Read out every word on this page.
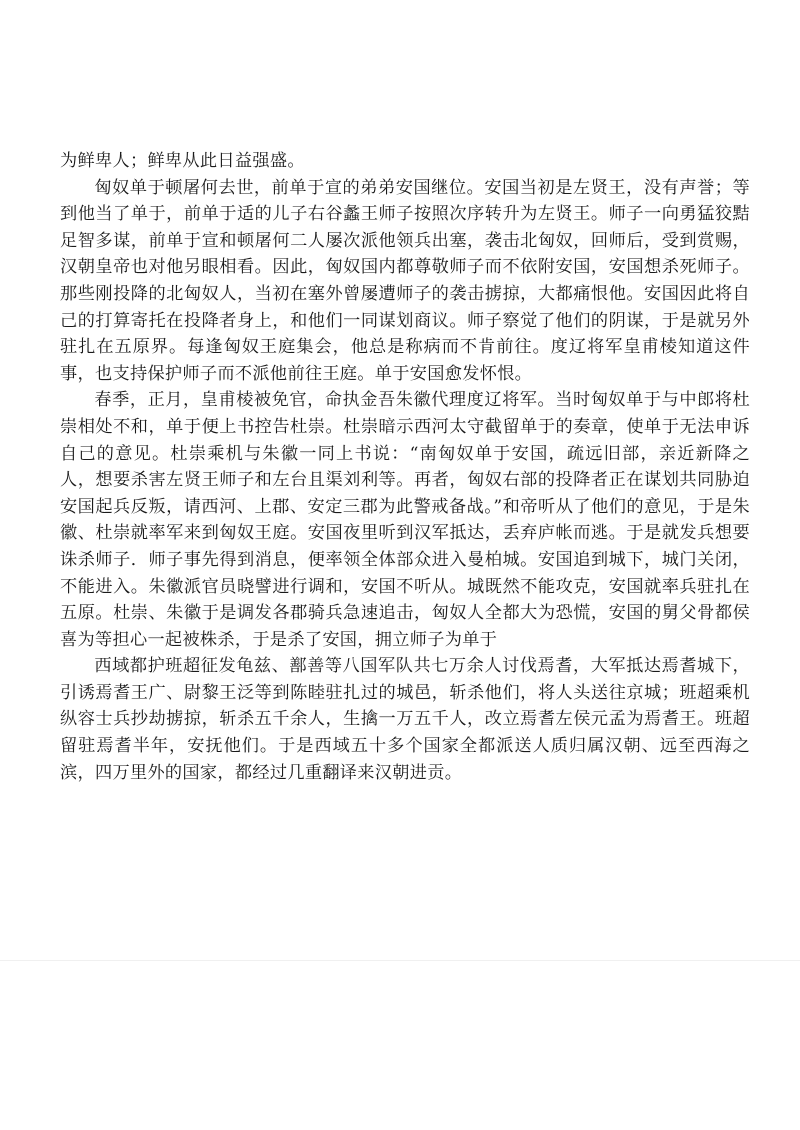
为鲜卑人；鲜卑从此日益强盛。

匈奴单于顿屠何去世，前单于宣的弟弟安国继位。安国当初是左贤王，没有声誉；等到他当了单于，前单于适的儿子右谷蠡王师子按照次序转升为左贤王。师子一向勇猛狡黠足智多谋，前单于宣和顿屠何二人屡次派他领兵出塞，袭击北匈奴，回师后，受到赏赐，汉朝皇帝也对他另眼相看。因此，匈奴国内都尊敬师子而不依附安国，安国想杀死师子。那些刚投降的北匈奴人，当初在塞外曾屡遭师子的袭击掳掠，大都痛恨他。安国因此将自己的打算寄托在投降者身上，和他们一同谋划商议。师子察觉了他们的阴谋，于是就另外驻扎在五原界。每逢匈奴王庭集会，他总是称病而不肯前往。度辽将军皇甫棱知道这件事，也支持保护师子而不派他前往王庭。单于安国愈发怀恨。

春季，正月，皇甫棱被免官，命执金吾朱徽代理度辽将军。当时匈奴单于与中郎将杜崇相处不和，单于便上书控告杜崇。杜崇暗示西河太守截留单于的奏章，使单于无法申诉自己的意见。杜崇乘机与朱徽一同上书说：“南匈奴单于安国，疏远旧部，亲近新降之人，想要杀害左贤王师子和左台且渠刘利等。再者，匈奴右部的投降者正在谋划共同胁迫安国起兵反叛，请西河、上郡、安定三郡为此警戒备战。”和帝听从了他们的意见，于是朱徽、杜崇就率军来到匈奴王庭。安国夜里听到汉军抵达，丢弃庐帐而逃。于是就发兵想要诛杀师子．师子事先得到消息，便率领全体部众进入曼柏城。安国追到城下，城门关闭，不能进入。朱徽派官员晓譬进行调和，安国不听从。城既然不能攻克，安国就率兵驻扎在五原。杜崇、朱徽于是调发各郡骑兵急速追击，匈奴人全都大为恐慌，安国的舅父骨都侯喜为等担心一起被株杀，于是杀了安国，拥立师子为单于

西域都护班超征发龟兹、鄯善等八国军队共七万余人讨伐焉耆，大军抵达焉耆城下，引诱焉耆王广、尉黎王泛等到陈睦驻扎过的城邑，斩杀他们，将人头送往京城；班超乘机纵容士兵抄劫掳掠，斩杀五千余人，生擒一万五千人，改立焉耆左侯元孟为焉耆王。班超留驻焉耆半年，安抚他们。于是西域五十多个国家全都派送人质归属汉朝、远至西海之滨，四万里外的国家，都经过几重翻译来汉朝进贡。
